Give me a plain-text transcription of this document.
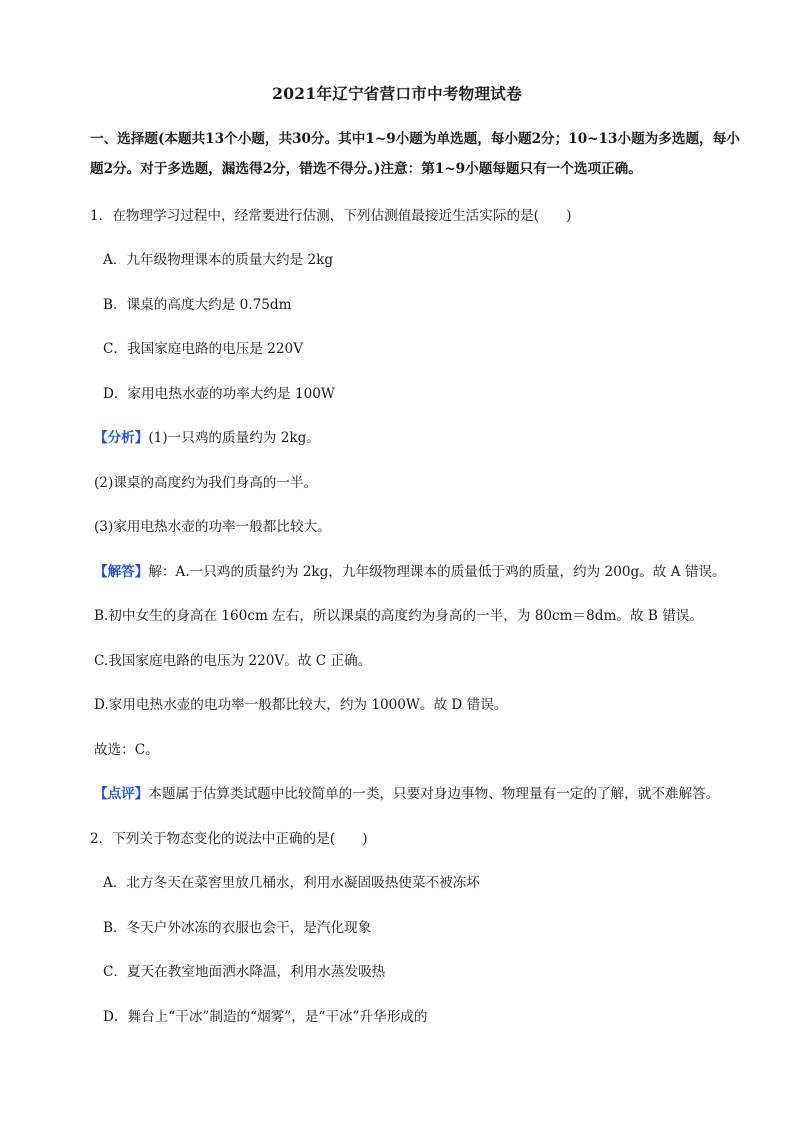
2021年辽宁省营口市中考物理试卷
一、选择题(本题共13个小题，共30分。其中1~9小题为单选题，每小题2分；10~13小题为多选题，每小题2分。对于多选题，漏选得2分，错选不得分。)注意：第1~9小题每题只有一个选项正确。
1．在物理学习过程中，经常要进行估测，下列估测值最接近生活实际的是(　　)
A．九年级物理课本的质量大约是 2kg
B．课桌的高度大约是 0.75dm
C．我国家庭电路的电压是 220V
D．家用电热水壶的功率大约是 100W
【分析】(1)一只鸡的质量约为 2kg。
(2)课桌的高度约为我们身高的一半。
(3)家用电热水壶的功率一般都比较大。
【解答】解：A.一只鸡的质量约为 2kg，九年级物理课本的质量低于鸡的质量，约为 200g。故 A 错误。
B.初中女生的身高在 160cm 左右，所以课桌的高度约为身高的一半，为 80cm＝8dm。故 B 错误。
C.我国家庭电路的电压为 220V。故 C 正确。
D.家用电热水壶的电功率一般都比较大，约为 1000W。故 D 错误。
故选：C。
【点评】本题属于估算类试题中比较简单的一类，只要对身边事物、物理量有一定的了解，就不难解答。
2．下列关于物态变化的说法中正确的是(　　)
A．北方冬天在菜窖里放几桶水，利用水凝固吸热使菜不被冻坏
B．冬天户外冰冻的衣服也会干，是汽化现象
C．夏天在教室地面洒水降温，利用水蒸发吸热
D．舞台上“干冰”制造的“烟雾”，是“干冰”升华形成的
